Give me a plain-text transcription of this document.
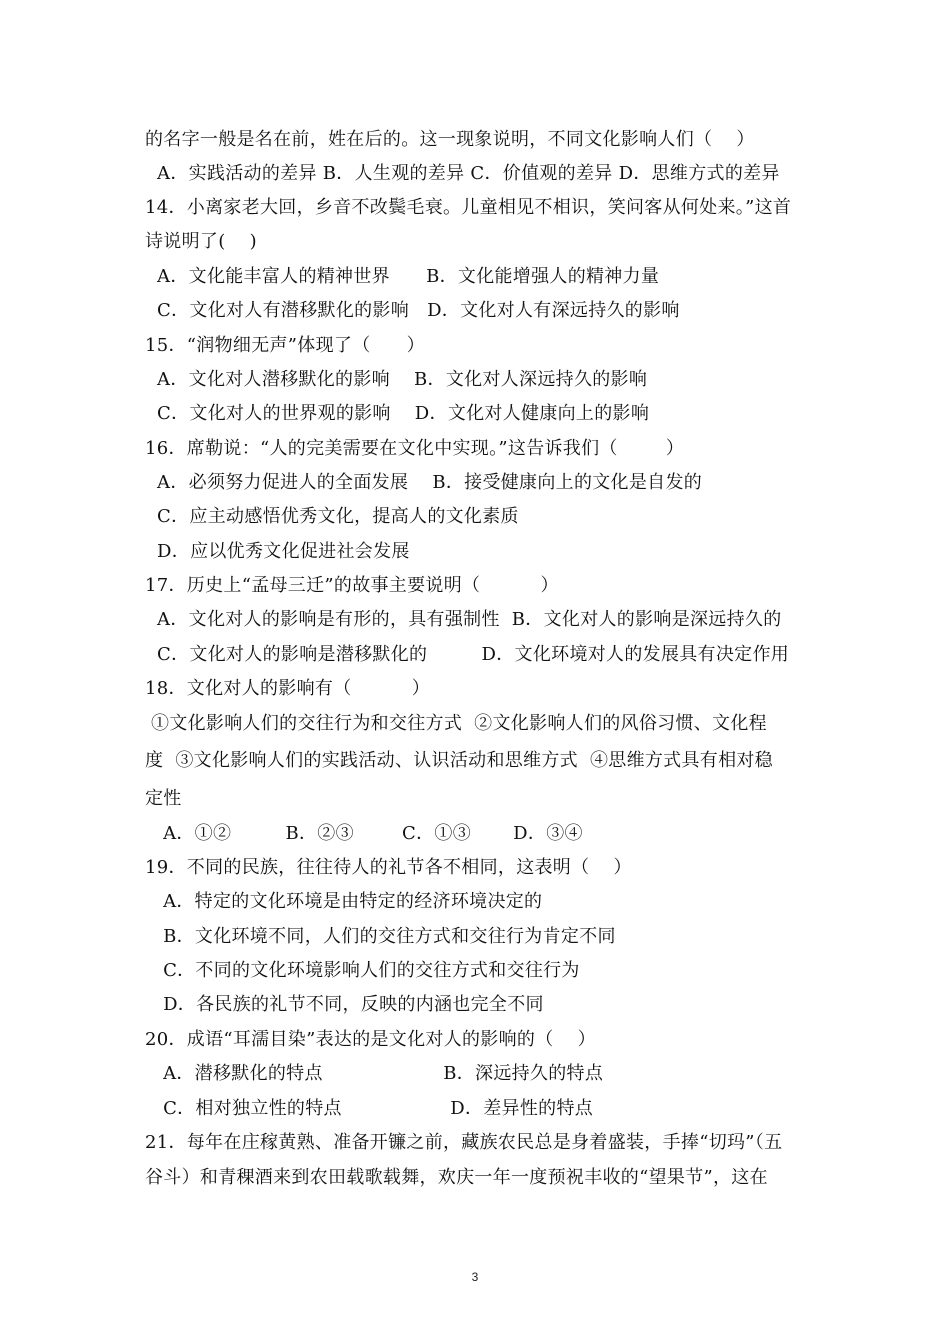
的名字一般是名在前，姓在后的。这一现象说明，不同文化影响人们（    ）
A．实践活动的差异 B．人生观的差异 C．价值观的差异 D．思维方式的差异
14．小离家老大回，乡音不改鬓毛衰。儿童相见不相识，笑问客从何处来。”这首
诗说明了(    )
A．文化能丰富人的精神世界      B．文化能增强人的精神力量
C．文化对人有潜移默化的影响   D．文化对人有深远持久的影响
15．“润物细无声”体现了（      ）
A．文化对人潜移默化的影响    B．文化对人深远持久的影响
C．文化对人的世界观的影响    D．文化对人健康向上的影响
16．席勒说：“人的完美需要在文化中实现。”这告诉我们（        ）
A．必须努力促进人的全面发展    B．接受健康向上的文化是自发的
C．应主动感悟优秀文化，提高人的文化素质
D．应以优秀文化促进社会发展
17．历史上“孟母三迁”的故事主要说明（          ）
A．文化对人的影响是有形的，具有强制性  B．文化对人的影响是深远持久的
C．文化对人的影响是潜移默化的         D．文化环境对人的发展具有决定作用
18．文化对人的影响有（          ）
①文化影响人们的交往行为和交往方式  ②文化影响人们的风俗习惯、文化程
度  ③文化影响人们的实践活动、认识活动和思维方式  ④思维方式具有相对稳
定性
A．①②         B．②③        C．①③       D．③④
19．不同的民族，往往待人的礼节各不相同，这表明（    ）
A．特定的文化环境是由特定的经济环境决定的
B．文化环境不同，人们的交往方式和交往行为肯定不同
C．不同的文化环境影响人们的交往方式和交往行为
D．各民族的礼节不同，反映的内涵也完全不同
20．成语“耳濡目染”表达的是文化对人的影响的（    ）
A．潜移默化的特点                    B．深远持久的特点
C．相对独立性的特点                  D．差异性的特点
21．每年在庄稼黄熟、准备开镰之前，藏族农民总是身着盛装，手捧“切玛”（五
谷斗）和青稞酒来到农田载歌载舞，欢庆一年一度预祝丰收的“望果节”，这在
3
